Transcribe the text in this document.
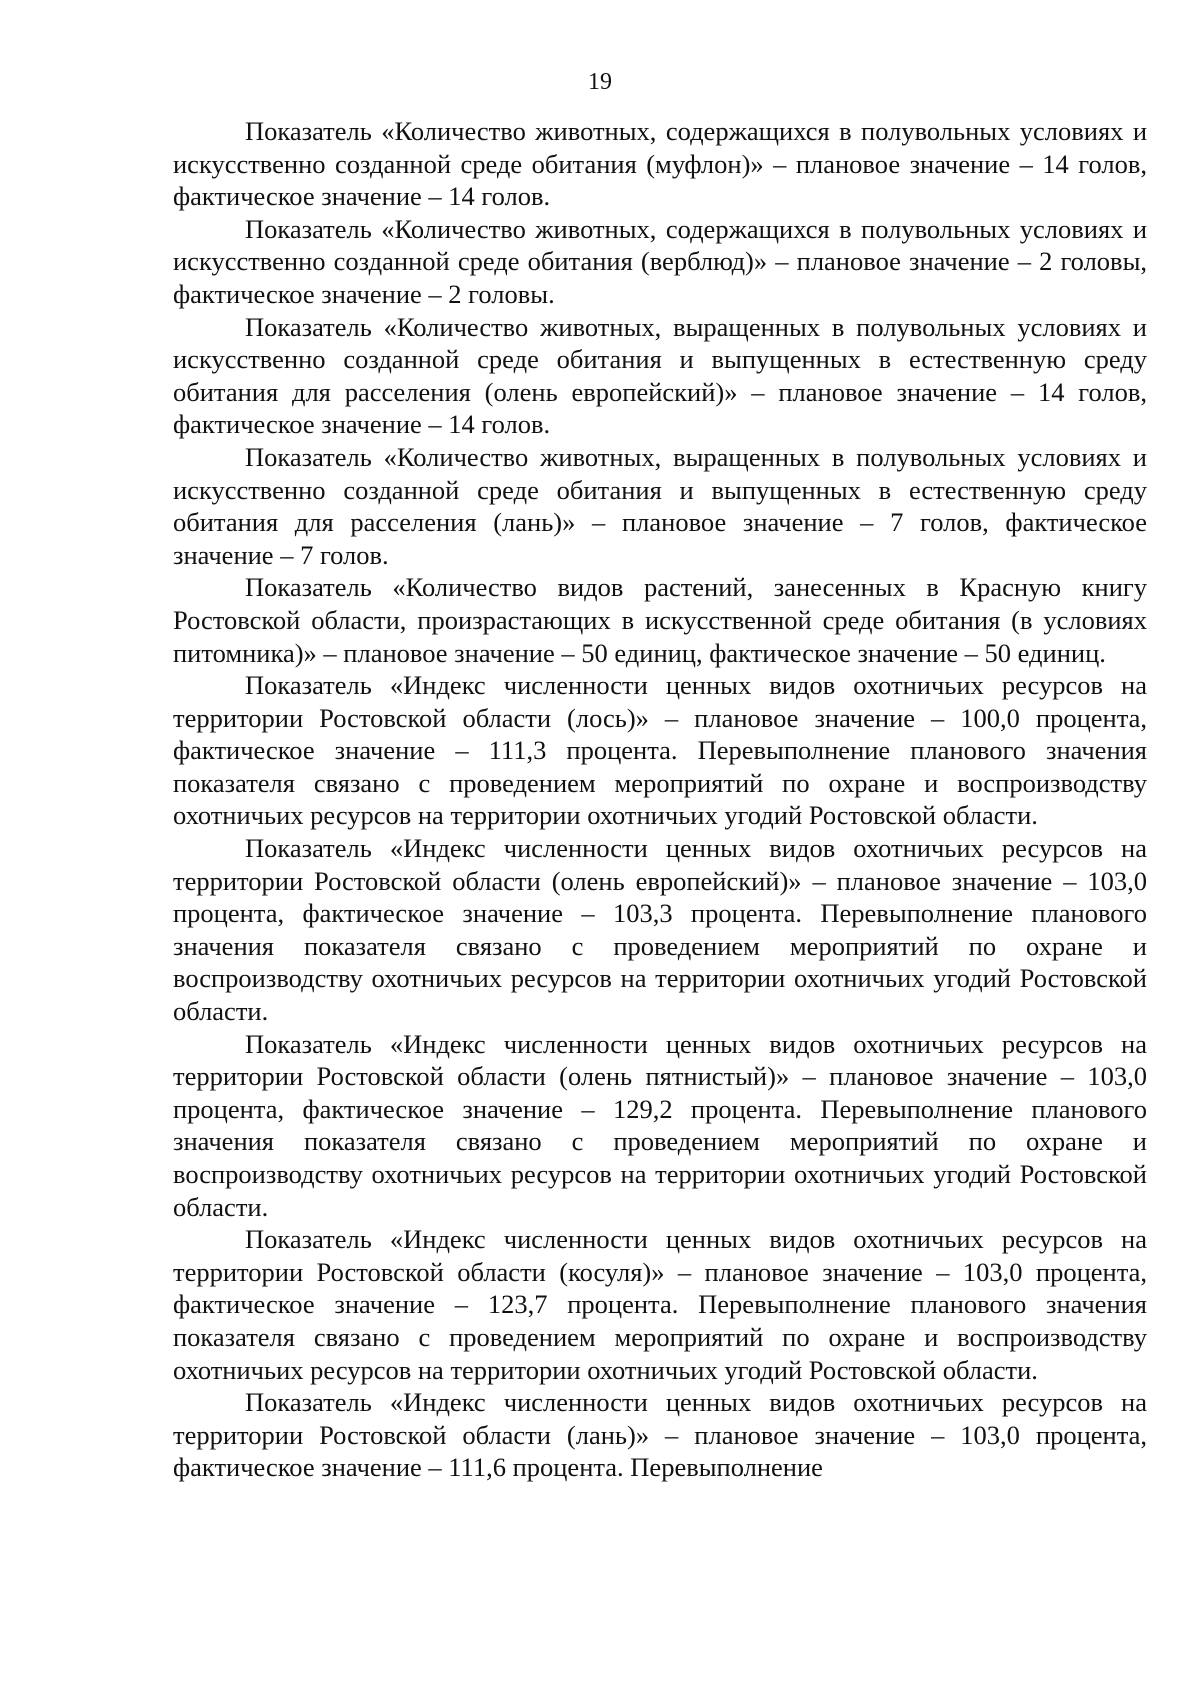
19

Показатель «Количество животных, содержащихся в полувольных условиях и искусственно созданной среде обитания (муфлон)» – плановое значение – 14 голов, фактическое значение – 14 голов.

Показатель «Количество животных, содержащихся в полувольных условиях и искусственно созданной среде обитания (верблюд)» – плановое значение – 2 головы, фактическое значение – 2 головы.

Показатель «Количество животных, выращенных в полувольных условиях и искусственно созданной среде обитания и выпущенных в естественную среду обитания для расселения (олень европейский)» – плановое значение – 14 голов, фактическое значение – 14 голов.

Показатель «Количество животных, выращенных в полувольных условиях и искусственно созданной среде обитания и выпущенных в естественную среду обитания для расселения (лань)» – плановое значение – 7 голов, фактическое значение – 7 голов.

Показатель «Количество видов растений, занесенных в Красную книгу Ростовской области, произрастающих в искусственной среде обитания (в условиях питомника)» – плановое значение – 50 единиц, фактическое значение – 50 единиц.

Показатель «Индекс численности ценных видов охотничьих ресурсов на территории Ростовской области (лось)» – плановое значение – 100,0 процента, фактическое значение – 111,3 процента. Перевыполнение планового значения показателя связано с проведением мероприятий по охране и воспроизводству охотничьих ресурсов на территории охотничьих угодий Ростовской области.

Показатель «Индекс численности ценных видов охотничьих ресурсов на территории Ростовской области (олень европейский)» – плановое значение – 103,0 процента, фактическое значение – 103,3 процента. Перевыполнение планового значения показателя связано с проведением мероприятий по охране и воспроизводству охотничьих ресурсов на территории охотничьих угодий Ростовской области.

Показатель «Индекс численности ценных видов охотничьих ресурсов на территории Ростовской области (олень пятнистый)» – плановое значение – 103,0 процента, фактическое значение – 129,2 процента. Перевыполнение планового значения показателя связано с проведением мероприятий по охране и воспроизводству охотничьих ресурсов на территории охотничьих угодий Ростовской области.

Показатель «Индекс численности ценных видов охотничьих ресурсов на территории Ростовской области (косуля)» – плановое значение – 103,0 процента, фактическое значение – 123,7 процента. Перевыполнение планового значения показателя связано с проведением мероприятий по охране и воспроизводству охотничьих ресурсов на территории охотничьих угодий Ростовской области.

Показатель «Индекс численности ценных видов охотничьих ресурсов на территории Ростовской области (лань)» – плановое значение – 103,0 процента, фактическое значение – 111,6 процента. Перевыполнение
